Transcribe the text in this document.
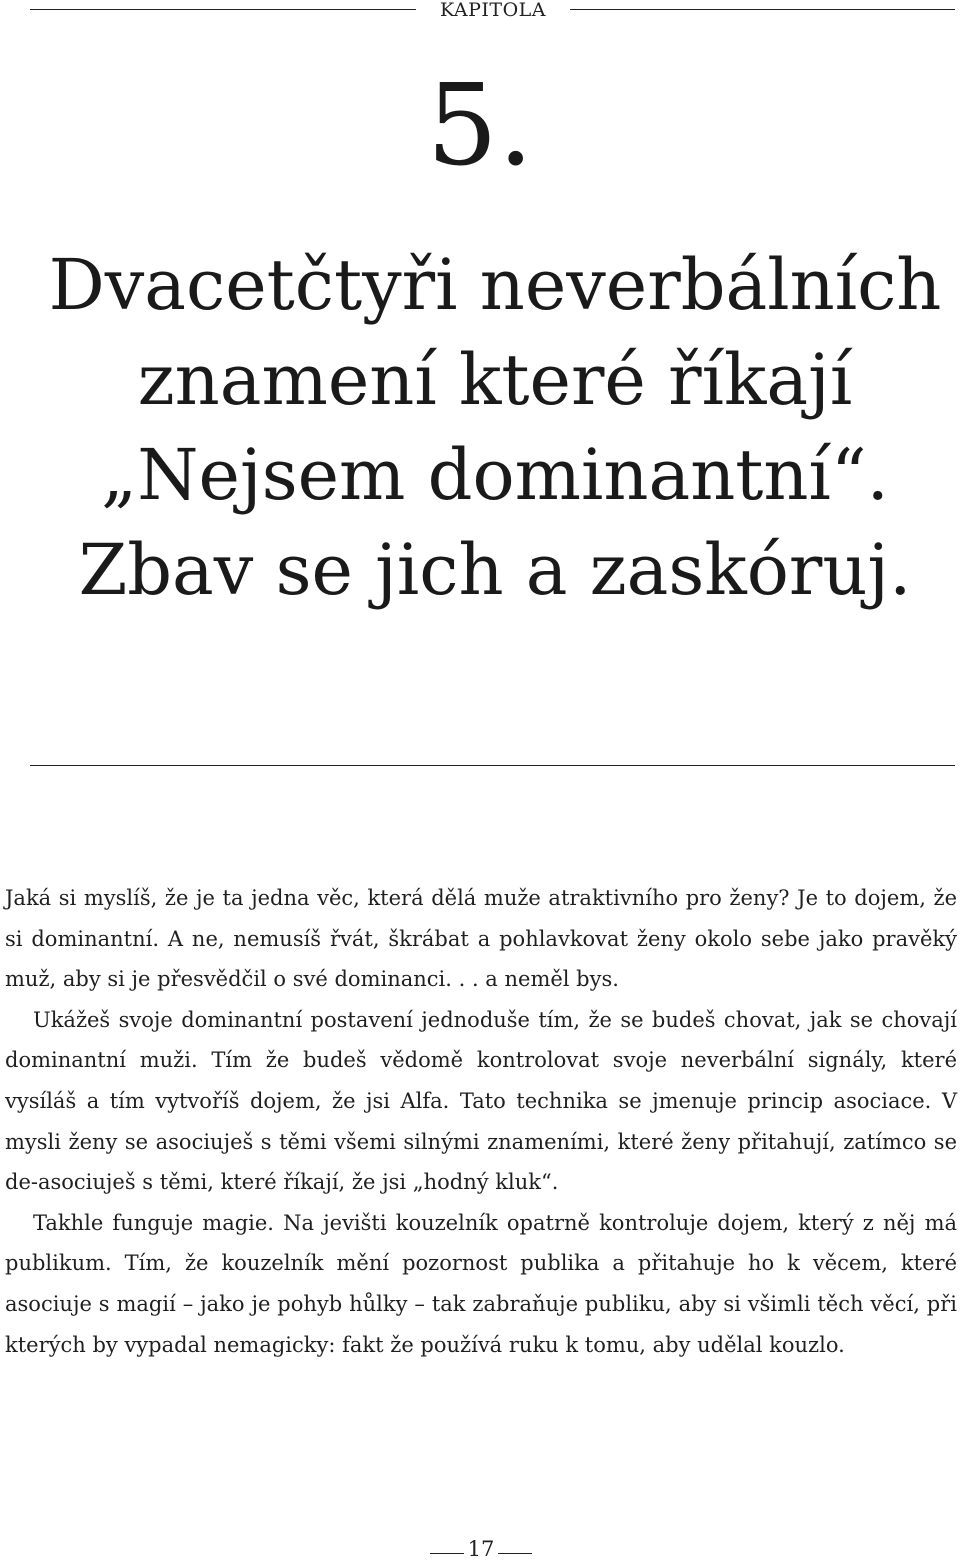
KAPITOLA
5.
Dvacetčtyři neverbálních znamení které říkají „Nejsem dominantní“. Zbav se jich a zaskóruj.

Jaká si myslíš, že je ta jedna věc, která dělá muže atraktivního pro ženy? Je to dojem, že si dominantní. A ne, nemusíš řvát, škrábat a pohlavkovat ženy okolo sebe jako pravěký muž, aby si je přesvědčil o své dominanci. . . a neměl bys.

Ukážeš svoje dominantní postavení jednoduše tím, že se budeš chovat, jak se chovají dominantní muži. Tím že budeš vědomě kontrolovat svoje neverbální signály, které vysíláš a tím vytvoříš dojem, že jsi Alfa. Tato technika se jmenuje princip asociace. V mysli ženy se asociuješ s těmi všemi silnými znameními, které ženy přitahují, zatímco se de-asociuješ s těmi, které říkají, že jsi „hodný kluk“.

Takhle funguje magie. Na jevišti kouzelník opatrně kontroluje dojem, který z něj má publikum. Tím, že kouzelník mění pozornost publika a přitahuje ho k věcem, které asociuje s magií – jako je pohyb hůlky – tak zabraňuje publiku, aby si všimli těch věcí, při kterých by vypadal nemagicky: fakt že používá ruku k tomu, aby udělal kouzlo.

17
